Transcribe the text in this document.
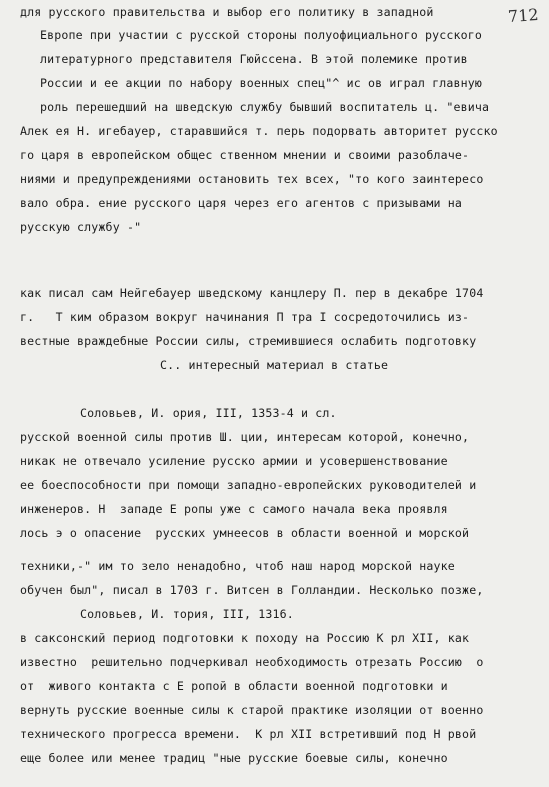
712
для русского правительства и выбор его политику в западной
Европе при участии с русской стороны полуофициального русского
литературного представителя Гюйссена. В этой полемике против
России и ее акции по набору военных спец"^ ис ов играл главную
роль перешедший на шведскую службу бывший воспитатель ц. "евича
Алек ея Н. игебауер, старавшийся т. перь подорвать авторитет русско
го царя в европейском общес ственном мнении и своими разоблаче-
ниями и предупреждениями остановить тех всех, "то кого заинтересо
вало обра. ение русского царя через его агентов с призывами на
русскую службу -"
как писал сам Нейгебауер шведскому канцлеру П. пер в декабре 1704
г.   Т ким образом вокруг начинания П тра I сосредоточились из-
вестные враждебные России силы, стремившиеся ослабить подготовку
С.. интересный материал в статье
Соловьев, И. ория, III, 1353-4 и сл.
русской военной силы против Ш. ции, интересам которой, конечно,
никак не отвечало усиление русско армии и усовершенствование
ее боеспособности при помощи западно-европейских руководителей и
инженеров. Н  западе Е ропы уже с самого начала века проявля
лось э о опасение  русских умнеесов в области военной и морской
техники,-" им то зело ненадобно, чтоб наш народ морской науке
обучен был", писал в 1703 г. Витсен в Голландии. Несколько позже,
Соловьев, И. тория, III, 1316.
в саксонский период подготовки к походу на Россию К рл XII, как
известно  решительно подчеркивал необходимость отрезать Россию  о
от  живого контакта с Е ропой в области военной подготовки и
вернуть русские военные силы к старой практике изоляции от военно
технического прогресса времени.  К рл XII встретивший под Н рвой
еще более или менее традиц "ные русские боевые силы, конечно
